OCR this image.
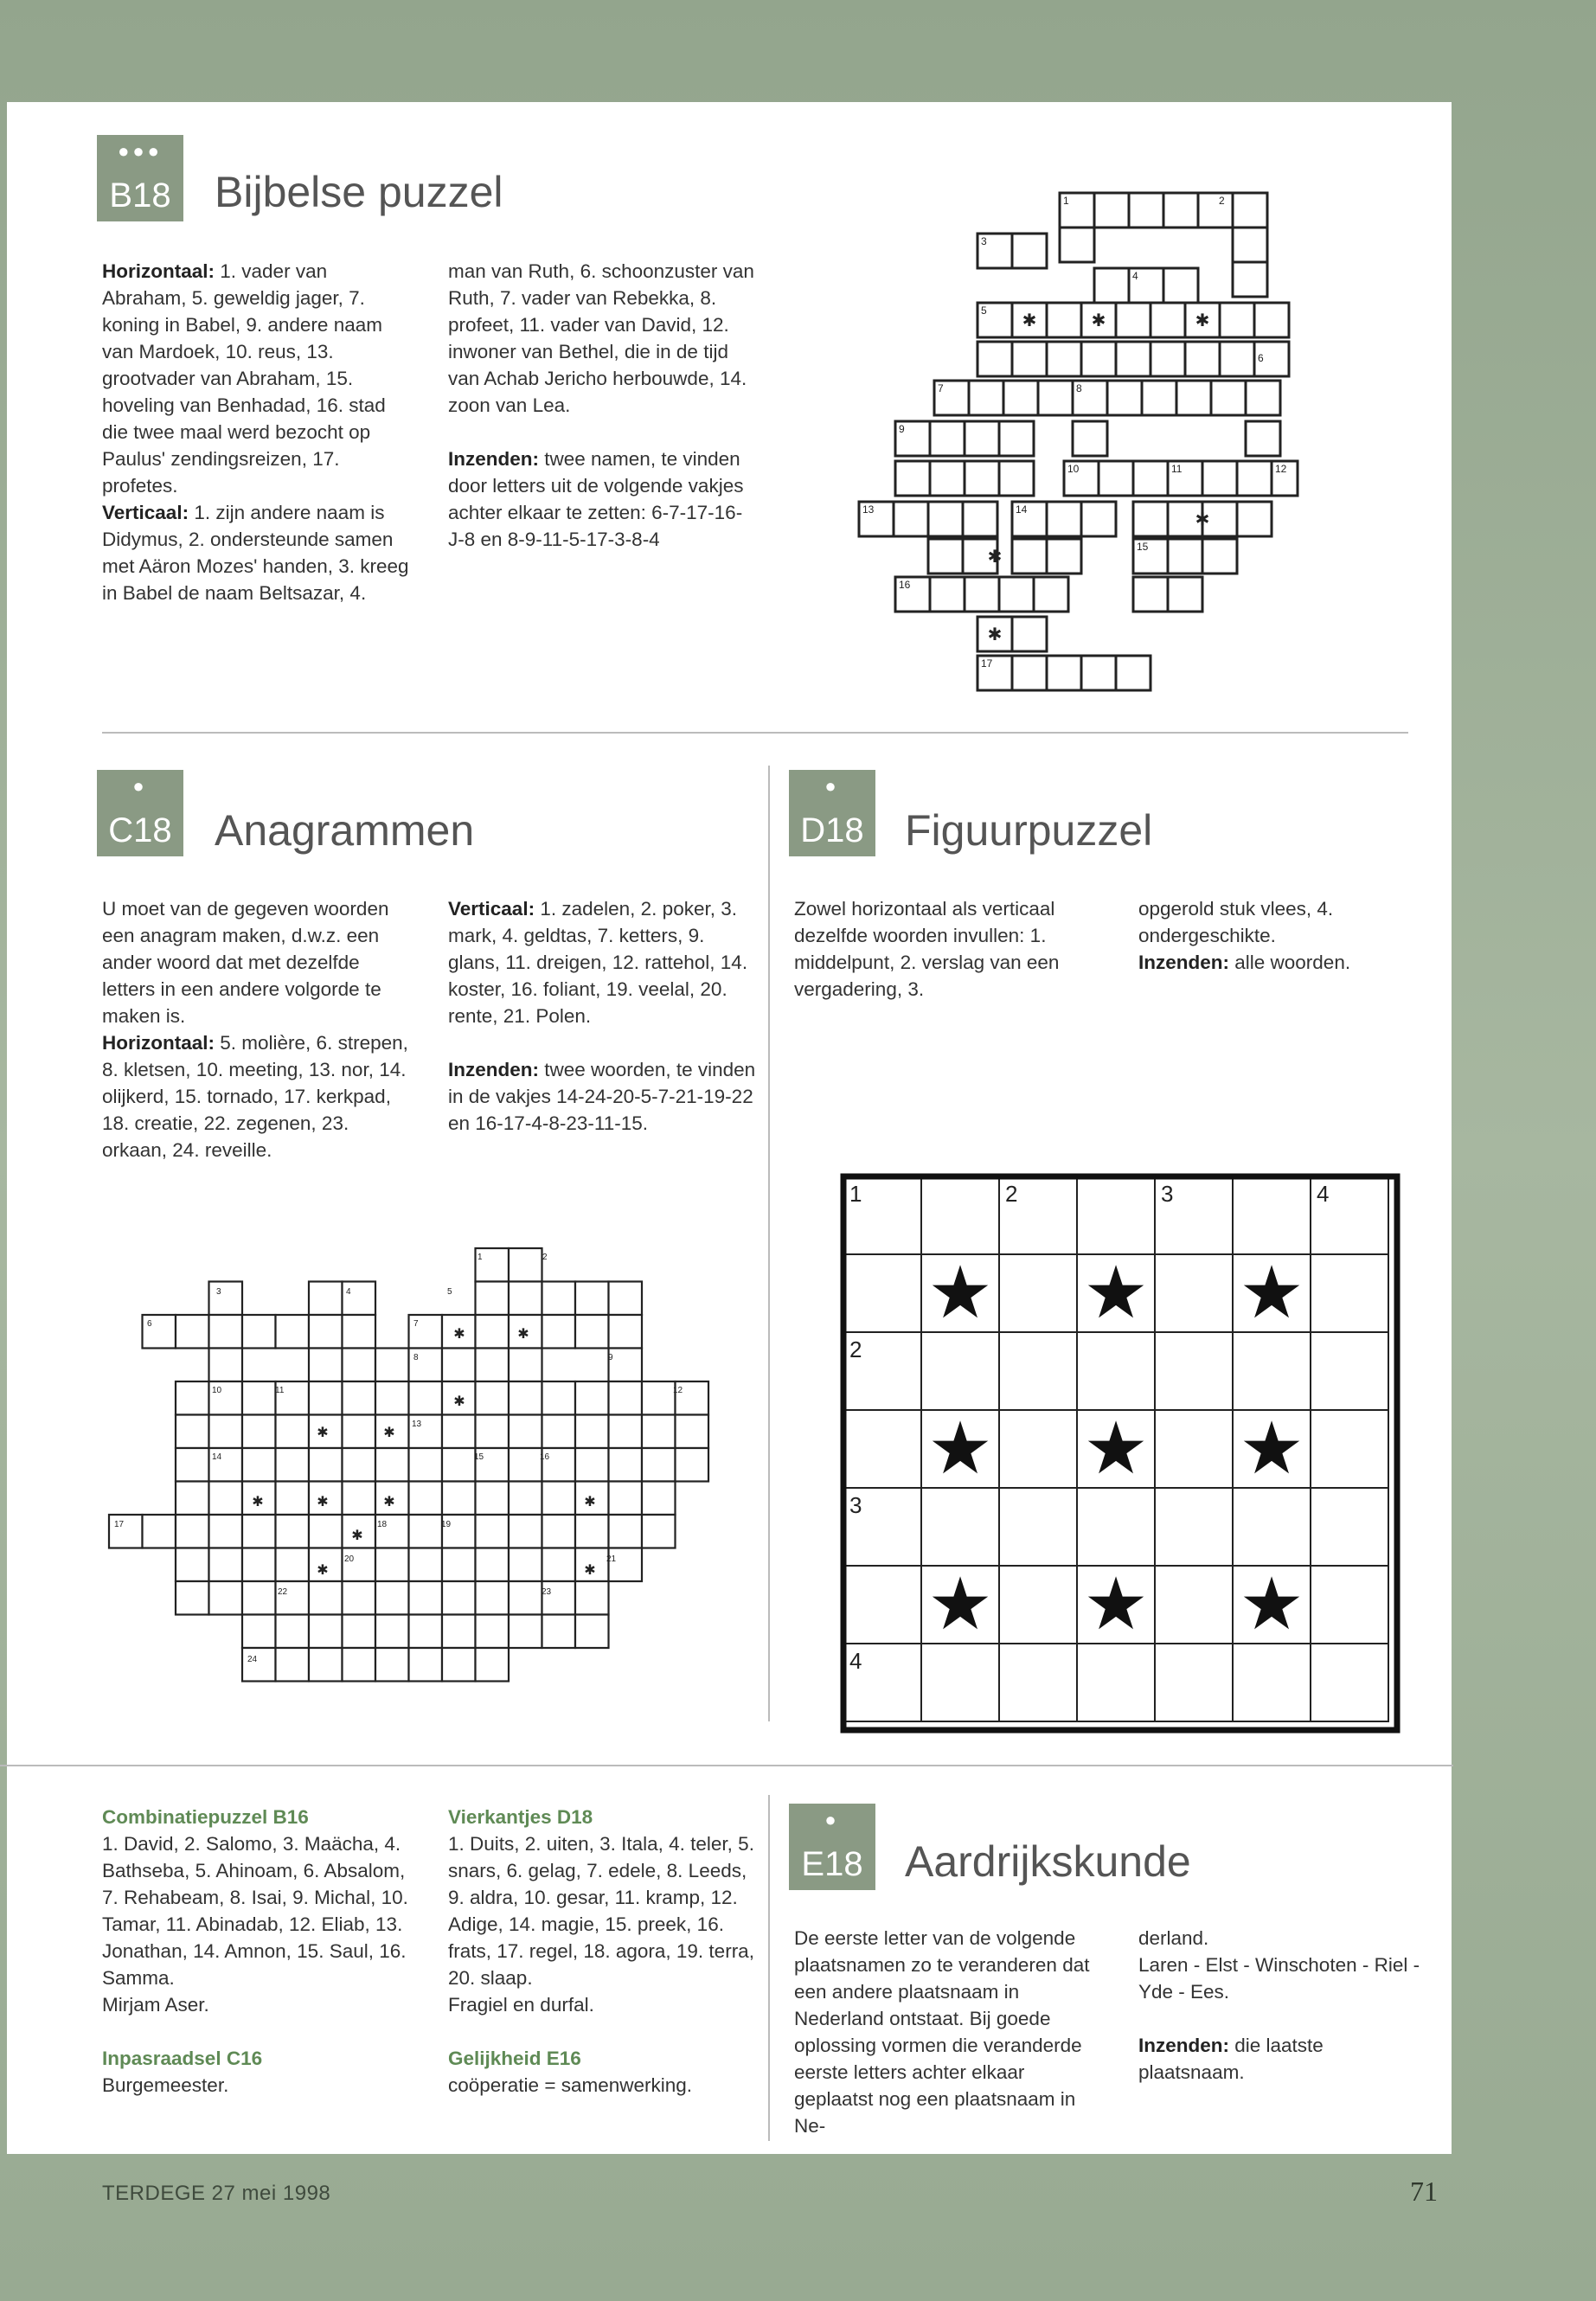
●●●
B18 Bijbelse puzzel
Horizontaal: 1. vader van Abraham, 5. geweldig jager, 7. koning in Babel, 9. andere naam van Mardoek, 10. reus, 13. grootvader van Abraham, 15. hoveling van Benhadad, 16. stad die twee maal werd bezocht op Paulus' zendingsreizen, 17. profetes.
Verticaal: 1. zijn andere naam is Didymus, 2. ondersteunde samen met Aäron Mozes' handen, 3. kreeg in Babel de naam Beltsazar, 4.
man van Ruth, 6. schoonzuster van Ruth, 7. vader van Rebekka, 8. profeet, 11. vader van David, 12. inwoner van Bethel, die in de tijd van Achab Jericho herbouwde, 14. zoon van Lea.

Inzenden: twee namen, te vinden door letters uit de volgende vakjes achter elkaar te zetten: 6-7-17-16-J-8 en 8-9-11-5-17-3-8-4
✱	✱	✱
✱
✱
✱
1	2
3
4
5
6
7	8
9
10	11	12
13	14
15
16
17
●
C18 Anagrammen
U moet van de gegeven woorden een anagram maken, d.w.z. een ander woord dat met dezelfde letters in een andere volgorde te maken is.
Horizontaal: 5. molière, 6. strepen, 8. kletsen, 10. meeting, 13. nor, 14. olijkerd, 15. tornado, 17. kerkpad, 18. creatie, 22. zegenen, 23. orkaan, 24. reveille.
Verticaal: 1. zadelen, 2. poker, 3. mark, 4. geldtas, 7. ketters, 9. glans, 11. dreigen, 12. rattehol, 14. koster, 16. foliant, 19. veelal, 20. rente, 21. Polen.

Inzenden: twee woorden, te vinden in de vakjes 14-24-20-5-7-21-19-22 en 16-17-4-8-23-11-15.
✱	✱
✱
✱	✱
✱	✱	✱	✱
✱
✱	✱
1	2
3	4	5
6	7
8	9
10	11	12
13
14	15	16
17	18	19
20	21
22	23
24
●
D18 Figuurpuzzel
Zowel horizontaal als verticaal dezelfde woorden invullen: 1. middelpunt, 2. verslag van een vergadering, 3.
opgerold stuk vlees, 4. ondergeschikte.
Inzenden: alle woorden.
1	2	3	4
2
3
4
★ ★ ★
★ ★ ★
★ ★ ★
Combinatiepuzzel B16
1. David, 2. Salomo, 3. Maächa, 4. Bathseba, 5. Ahinoam, 6. Absalom, 7. Rehabeam, 8. Isai, 9. Michal, 10. Tamar, 11. Abinadab, 12. Eliab, 13. Jonathan, 14. Amnon, 15. Saul, 16. Samma.
Mirjam Aser.

Inpasraadsel C16
Burgemeester.
Vierkantjes D18
1. Duits, 2. uiten, 3. Itala, 4. teler, 5. snars, 6. gelag, 7. edele, 8. Leeds, 9. aldra, 10. gesar, 11. kramp, 12. Adige, 14. magie, 15. preek, 16. frats, 17. regel, 18. agora, 19. terra, 20. slaap.
Fragiel en durfal.

Gelijkheid E16
coöperatie = samenwerking.
●
E18 Aardrijkskunde
De eerste letter van de volgende plaatsnamen zo te veranderen dat een andere plaatsnaam in Nederland ontstaat. Bij goede oplossing vormen die veranderde eerste letters achter elkaar geplaatst nog een plaatsnaam in Ne-
derland.
Laren - Elst - Winschoten - Riel - Yde - Ees.

Inzenden: die laatste plaatsnaam.
TERDEGE 27 mei 1998	71
